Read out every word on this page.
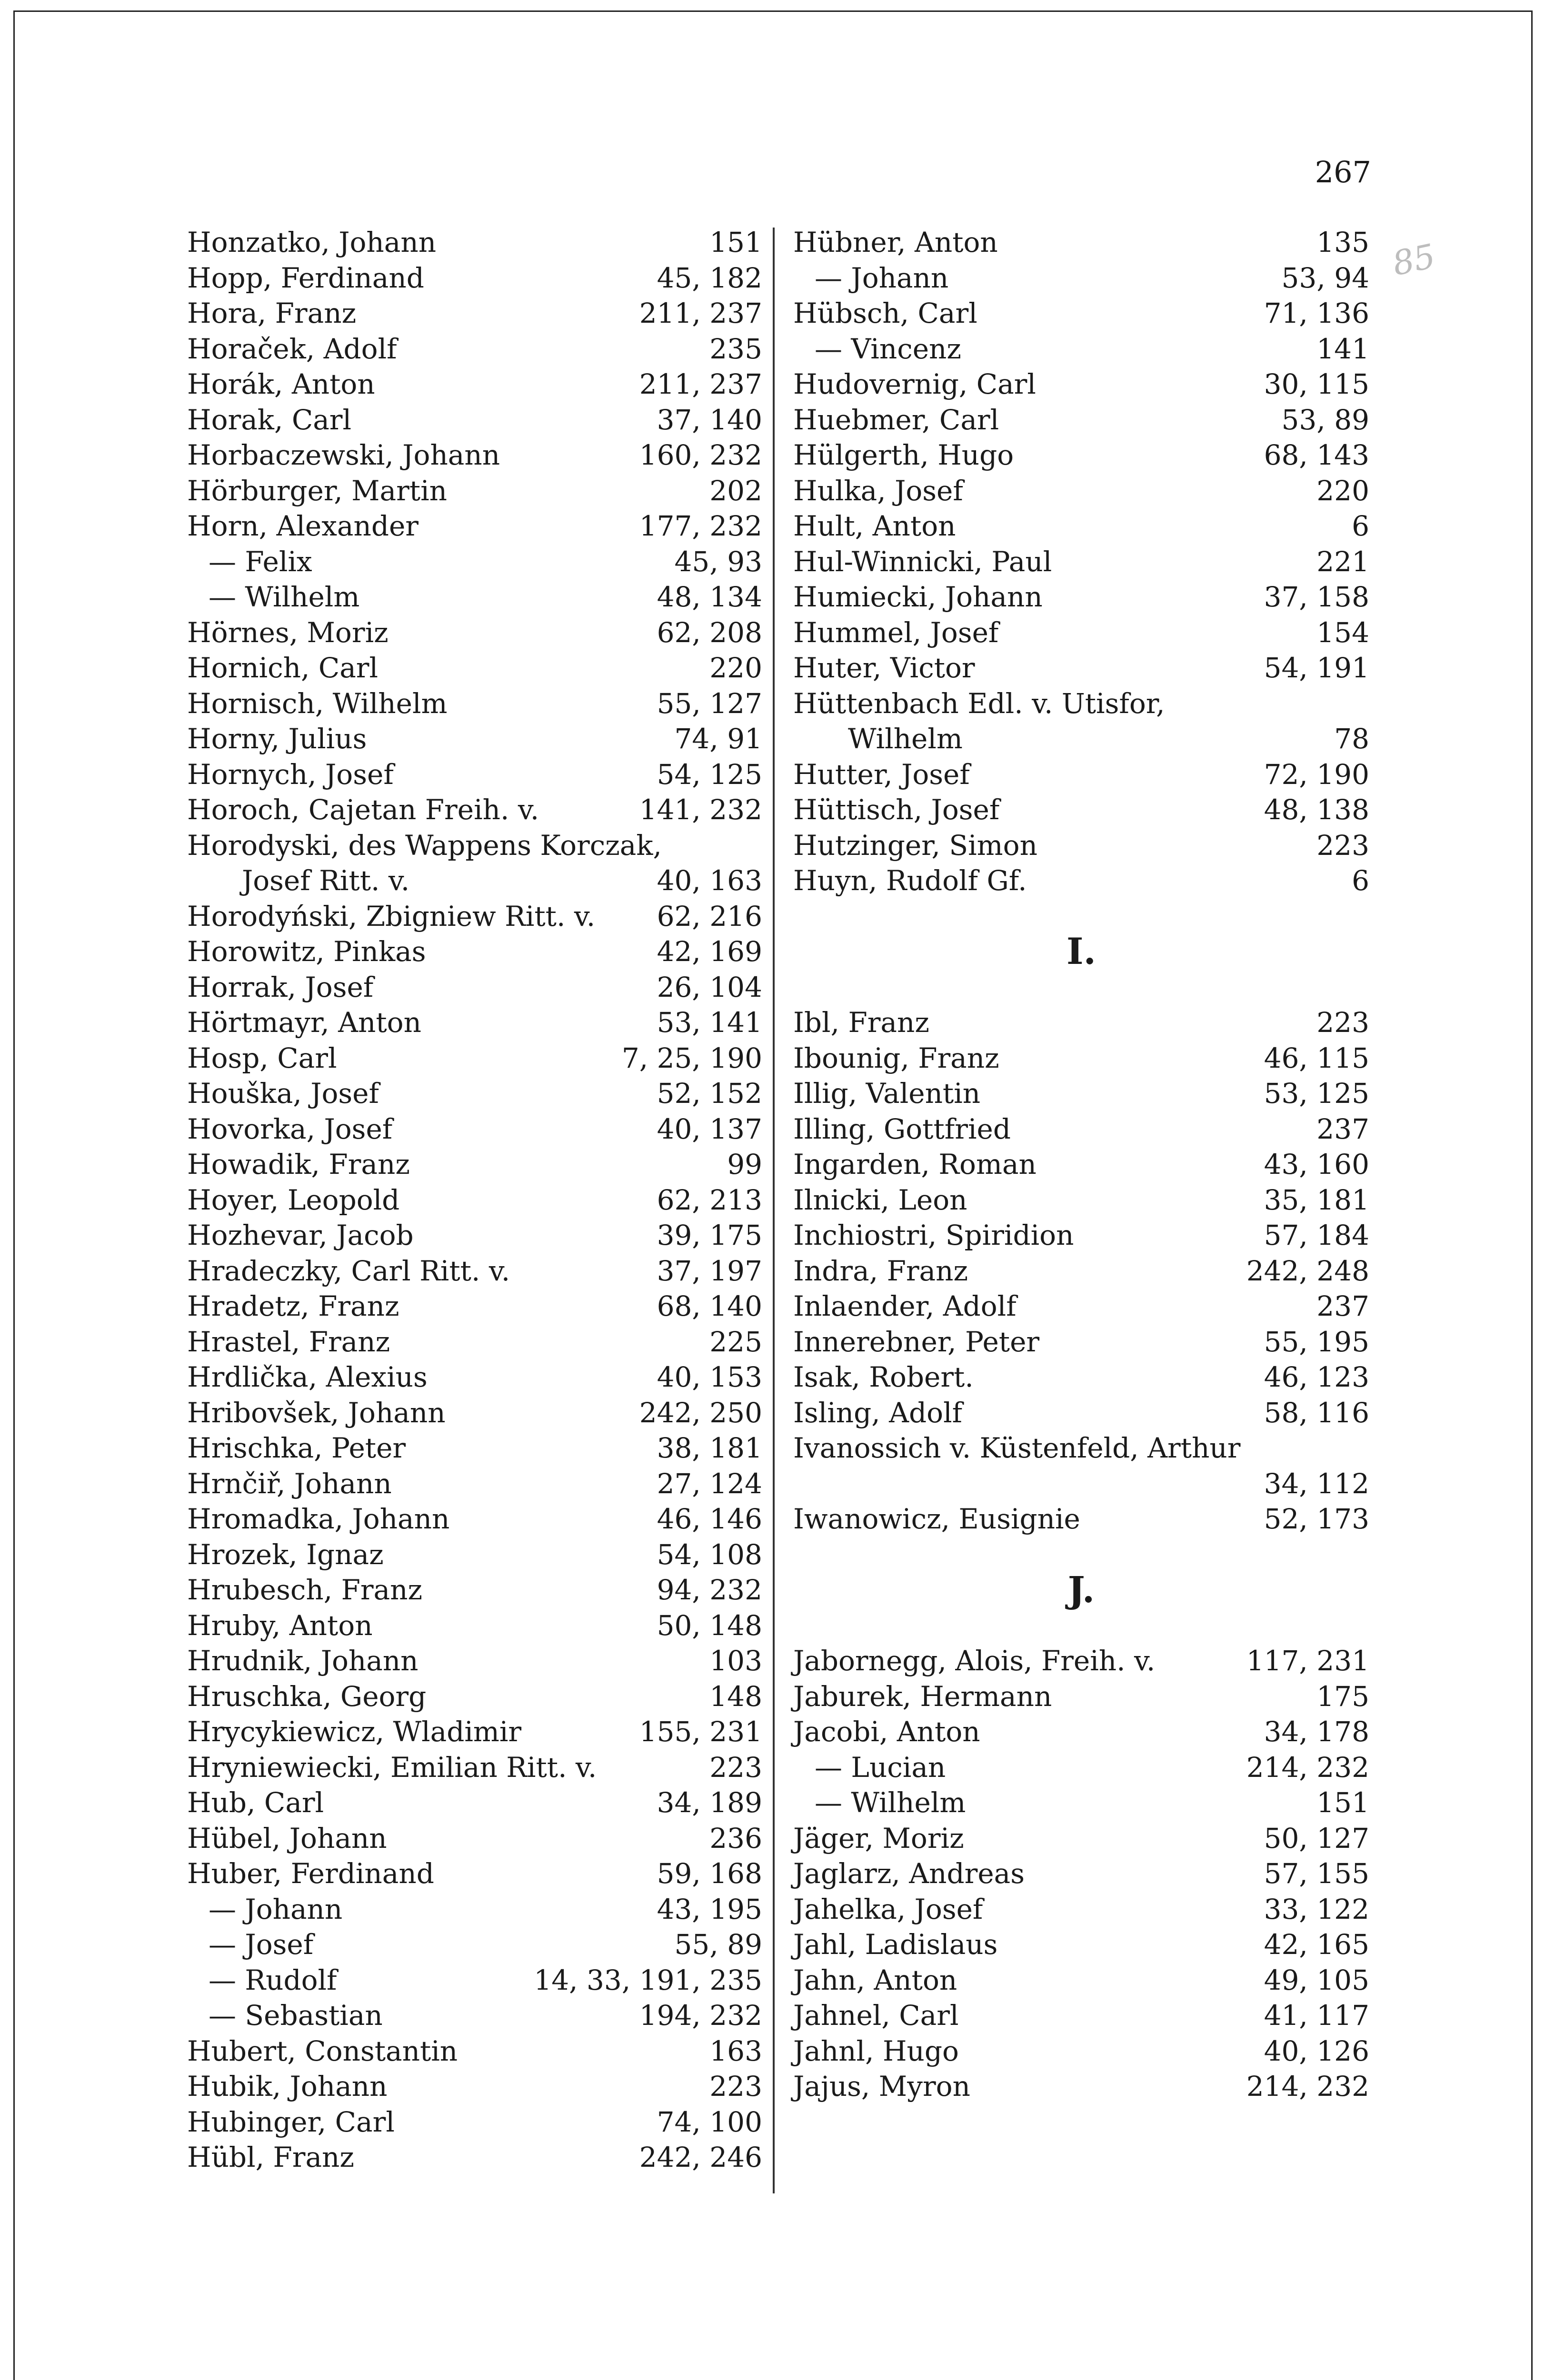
267
85
Honzatko, Johann	151
Hopp, Ferdinand	45, 182
Hora, Franz	211, 237
Horaček, Adolf	235
Horák, Anton	211, 237
Horak, Carl	37, 140
Horbaczewski, Johann	160, 232
Hörburger, Martin	202
Horn, Alexander	177, 232
— Felix	45, 93
— Wilhelm	48, 134
Hörnes, Moriz	62, 208
Hornich, Carl	220
Hornisch, Wilhelm	55, 127
Horny, Julius	74, 91
Hornych, Josef	54, 125
Horoch, Cajetan Freih. v.	141, 232
Horodyski, des Wappens Korczak,
Josef Ritt. v.	40, 163
Horodyński, Zbigniew Ritt. v. 62, 216
Horowitz, Pinkas	42, 169
Horrak, Josef	26, 104
Hörtmayr, Anton	53, 141
Hosp, Carl	7, 25, 190
Houška, Josef	52, 152
Hovorka, Josef	40, 137
Howadik, Franz	99
Hoyer, Leopold	62, 213
Hozhevar, Jacob	39, 175
Hradeczky, Carl Ritt. v.	37, 197
Hradetz, Franz	68, 140
Hrastel, Franz	225
Hrdlička, Alexius	40, 153
Hribovšek, Johann	242, 250
Hrischka, Peter	38, 181
Hrnčiř, Johann	27, 124
Hromadka, Johann	46, 146
Hrozek, Ignaz	54, 108
Hrubesch, Franz	94, 232
Hruby, Anton	50, 148
Hrudnik, Johann	103
Hruschka, Georg	148
Hrycykiewicz, Wladimir	155, 231
Hryniewiecki, Emilian Ritt. v.	223
Hub, Carl	34, 189
Hübel, Johann	236
Huber, Ferdinand	59, 168
— Johann	43, 195
— Josef	55, 89
— Rudolf	14, 33, 191, 235
— Sebastian	194, 232
Hubert, Constantin	163
Hubik, Johann	223
Hubinger, Carl	74, 100
Hübl, Franz	242, 246
Hübner, Anton	135
— Johann	53, 94
Hübsch, Carl	71, 136
— Vincenz	141
Hudovernig, Carl	30, 115
Huebmer, Carl	53, 89
Hülgerth, Hugo	68, 143
Hulka, Josef	220
Hult, Anton	6
Hul-Winnicki, Paul	221
Humiecki, Johann	37, 158
Hummel, Josef	154
Huter, Victor	54, 191
Hüttenbach Edl. v. Utisfor,
Wilhelm	78
Hutter, Josef	72, 190
Hüttisch, Josef	48, 138
Hutzinger, Simon	223
Huyn, Rudolf Gf.	6
I.
Ibl, Franz	223
Ibounig, Franz	46, 115
Illig, Valentin	53, 125
Illing, Gottfried	237
Ingarden, Roman	43, 160
Ilnicki, Leon	35, 181
Inchiostri, Spiridion	57, 184
Indra, Franz	242, 248
Inlaender, Adolf	237
Innerebner, Peter	55, 195
Isak, Robert.	46, 123
Isling, Adolf	58, 116
Ivanossich v. Küstenfeld, Arthur
34, 112
Iwanowicz, Eusignie	52, 173
J.
Jabornegg, Alois, Freih. v.	117, 231
Jaburek, Hermann	175
Jacobi, Anton	34, 178
— Lucian	214, 232
— Wilhelm	151
Jäger, Moriz	50, 127
Jaglarz, Andreas	57, 155
Jahelka, Josef	33, 122
Jahl, Ladislaus	42, 165
Jahn, Anton	49, 105
Jahnel, Carl	41, 117
Jahnl, Hugo	40, 126
Jajus, Myron	214, 232
